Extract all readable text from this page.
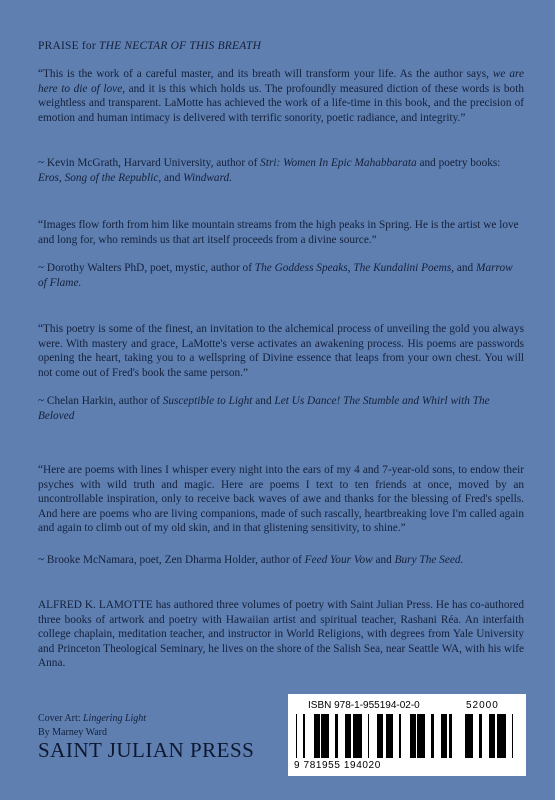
PRAISE for THE NECTAR OF THIS BREATH

“This is the work of a careful master, and its breath will transform your life. As the author says, we are here to die of love, and it is this which holds us. The profoundly measured diction of these words is both weightless and transparent. LaMotte has achieved the work of a life-time in this book, and the precision of emotion and human intimacy is delivered with terrific sonority, poetic radiance, and integrity.”

~ Kevin McGrath, Harvard University, author of Stri: Women In Epic Mahabbarata and poetry books: Eros, Song of the Republic, and Windward.

“Images flow forth from him like mountain streams from the high peaks in Spring. He is the artist we love and long for, who reminds us that art itself proceeds from a divine source.”

~ Dorothy Walters PhD, poet, mystic, author of The Goddess Speaks, The Kundalini Poems, and Marrow of Flame.

“This poetry is some of the finest, an invitation to the alchemical process of unveiling the gold you always were. With mastery and grace, LaMotte's verse activates an awakening process. His poems are passwords opening the heart, taking you to a wellspring of Divine essence that leaps from your own chest. You will not come out of Fred's book the same person.”

~ Chelan Harkin, author of Susceptible to Light and Let Us Dance! The Stumble and Whirl with The Beloved

“Here are poems with lines I whisper every night into the ears of my 4 and 7-year-old sons, to endow their psyches with wild truth and magic. Here are poems I text to ten friends at once, moved by an uncontrollable inspiration, only to receive back waves of awe and thanks for the blessing of Fred's spells. And here are poems who are living companions, made of such rascally, heartbreaking love I'm called again and again to climb out of my old skin, and in that glistening sensitivity, to shine.”

~ Brooke McNamara, poet, Zen Dharma Holder, author of Feed Your Vow and Bury The Seed.

ALFRED K. LAMOTTE has authored three volumes of poetry with Saint Julian Press. He has co-authored three books of artwork and poetry with Hawaiian artist and spiritual teacher, Rashani Réa. An interfaith college chaplain, meditation teacher, and instructor in World Religions, with degrees from Yale University and Princeton Theological Seminary, he lives on the shore of the Salish Sea, near Seattle WA, with his wife Anna.

Cover Art: Lingering Light
By Marney Ward
SAINT JULIAN PRESS
ISBN 978-1-955194-02-0	52000
9 781955 194020
